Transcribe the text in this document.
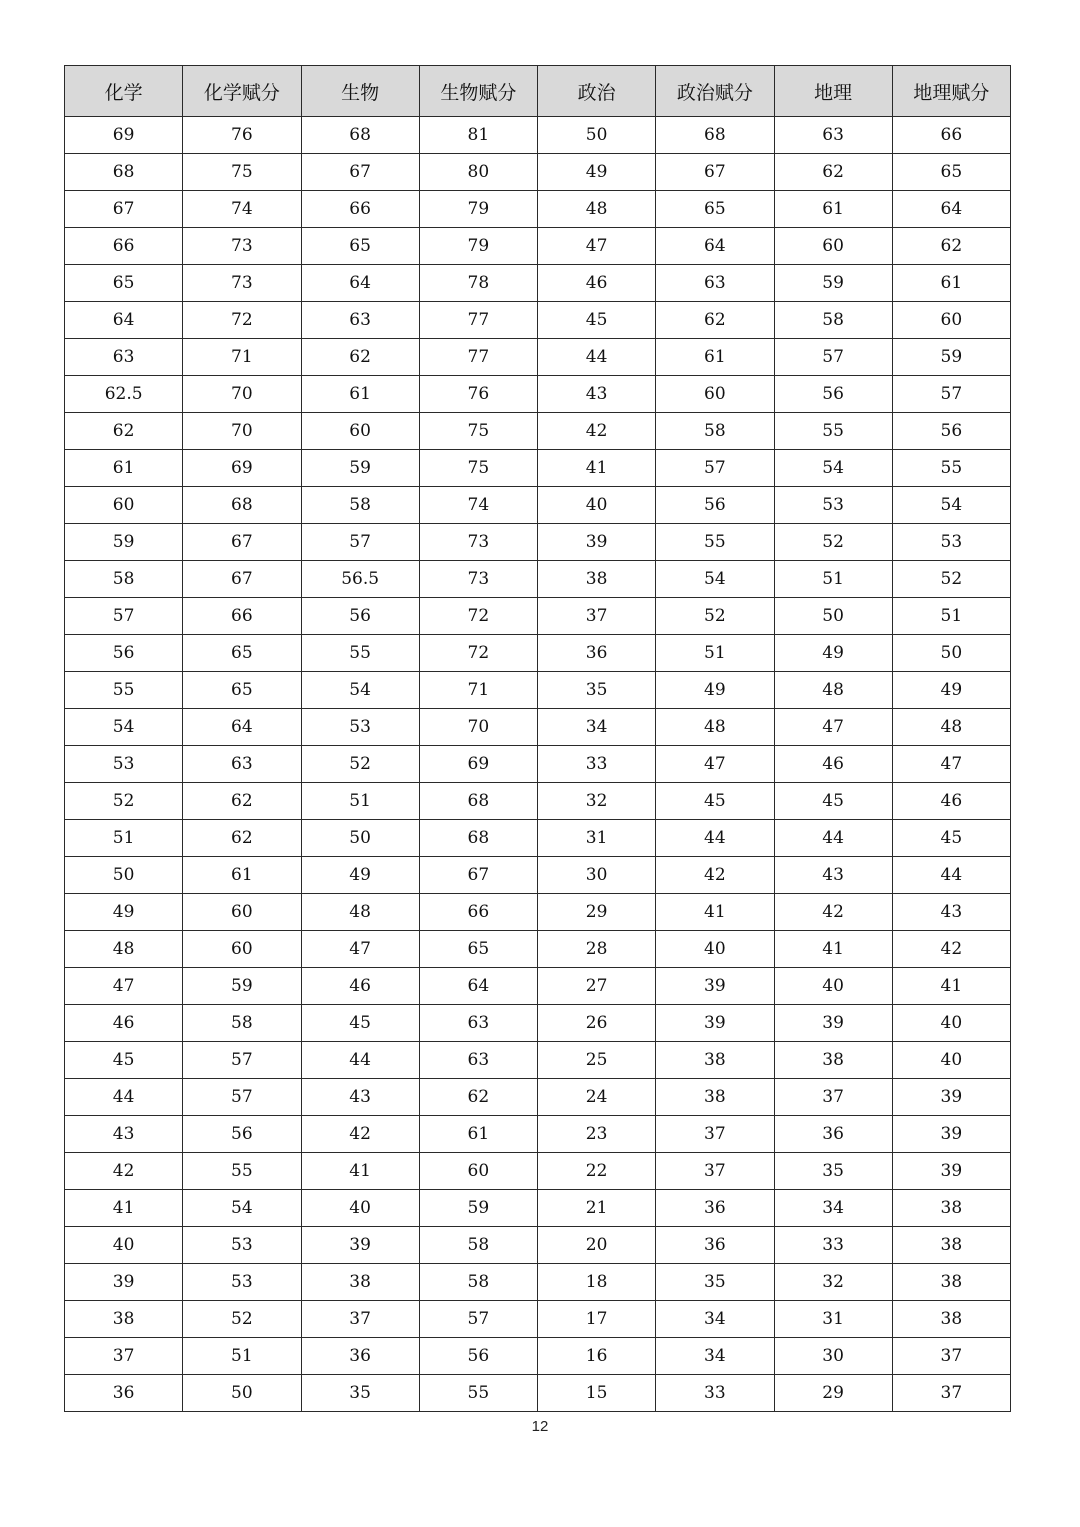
化学	化学赋分	生物	生物赋分	政治	政治赋分	地理	地理赋分
69	76	68	81	50	68	63	66
68	75	67	80	49	67	62	65
67	74	66	79	48	65	61	64
66	73	65	79	47	64	60	62
65	73	64	78	46	63	59	61
64	72	63	77	45	62	58	60
63	71	62	77	44	61	57	59
62.5	70	61	76	43	60	56	57
62	70	60	75	42	58	55	56
61	69	59	75	41	57	54	55
60	68	58	74	40	56	53	54
59	67	57	73	39	55	52	53
58	67	56.5	73	38	54	51	52
57	66	56	72	37	52	50	51
56	65	55	72	36	51	49	50
55	65	54	71	35	49	48	49
54	64	53	70	34	48	47	48
53	63	52	69	33	47	46	47
52	62	51	68	32	45	45	46
51	62	50	68	31	44	44	45
50	61	49	67	30	42	43	44
49	60	48	66	29	41	42	43
48	60	47	65	28	40	41	42
47	59	46	64	27	39	40	41
46	58	45	63	26	39	39	40
45	57	44	63	25	38	38	40
44	57	43	62	24	38	37	39
43	56	42	61	23	37	36	39
42	55	41	60	22	37	35	39
41	54	40	59	21	36	34	38
40	53	39	58	20	36	33	38
39	53	38	58	18	35	32	38
38	52	37	57	17	34	31	38
37	51	36	56	16	34	30	37
36	50	35	55	15	33	29	37
12
